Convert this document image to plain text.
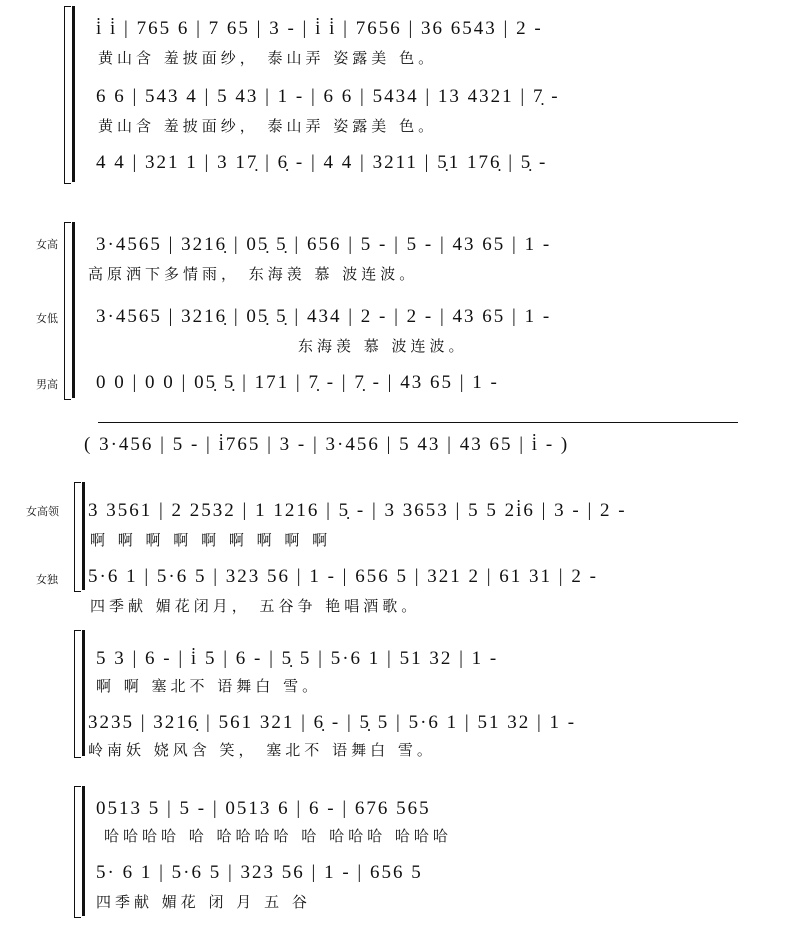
i̇ i̇ | 765 6 | 7 65 | 3 - | i̇ i̇ | 7656 | 36 6543 | 2 -
黄山含 羞披面纱， 泰山弄 姿露美 色。
6 6 | 543 4 | 5 43 | 1 - | 6 6 | 5434 | 13 4321 | 7̣ -
黄山含 羞披面纱， 泰山弄 姿露美 色。
4 4 | 321 1 | 3 17̣ | 6̣ - | 4 4 | 3211 | 5̣1 176̣ | 5̣ -
女高
女低
男高
3·4565 | 3216̣ | 05̣ 5̣ | 656 | 5 - | 5 - | 43 65 | 1 -
高原洒下多情雨， 东海羡 慕 波连波。
3·4565 | 3216̣ | 05̣ 5̣ | 434 | 2 - | 2 - | 43 65 | 1 -
东海羡 慕 波连波。
0 0 | 0 0 | 05̣ 5̣ | 171 | 7̣ - | 7̣ - | 43 65 | 1 -
( 3·456 | 5 - | i̇765 | 3 - | 3·456 | 5 43 | 43 65 | i̇ - )
女高领
女独
3 3561 | 2 2532 | 1 1216 | 5̣ - | 3 3653 | 5 5 2i̇6 | 3 - | 2 -
啊 啊 啊 啊 啊 啊 啊 啊 啊
5·6 1 | 5·6 5 | 323 56 | 1 - | 656 5 | 321 2 | 61 31 | 2 -
四季献 媚花闭月， 五谷争 艳唱酒歌。
5 3 | 6 - | i̇ 5 | 6 - | 5̣ 5 | 5·6 1 | 51 32 | 1 -
啊 啊 塞北不 语舞白 雪。
3235 | 3216̣ | 561 321 | 6̣ - | 5̣ 5 | 5·6 1 | 51 32 | 1 -
岭南妖 娆风含 笑， 塞北不 语舞白 雪。
0513 5 | 5 - | 0513 6 | 6 - | 676 565
哈哈哈哈 哈 哈哈哈哈 哈 哈哈哈 哈哈哈
5· 6 1 | 5·6 5 | 323 56 | 1 - | 656 5
四季献 媚花 闭 月 五 谷
